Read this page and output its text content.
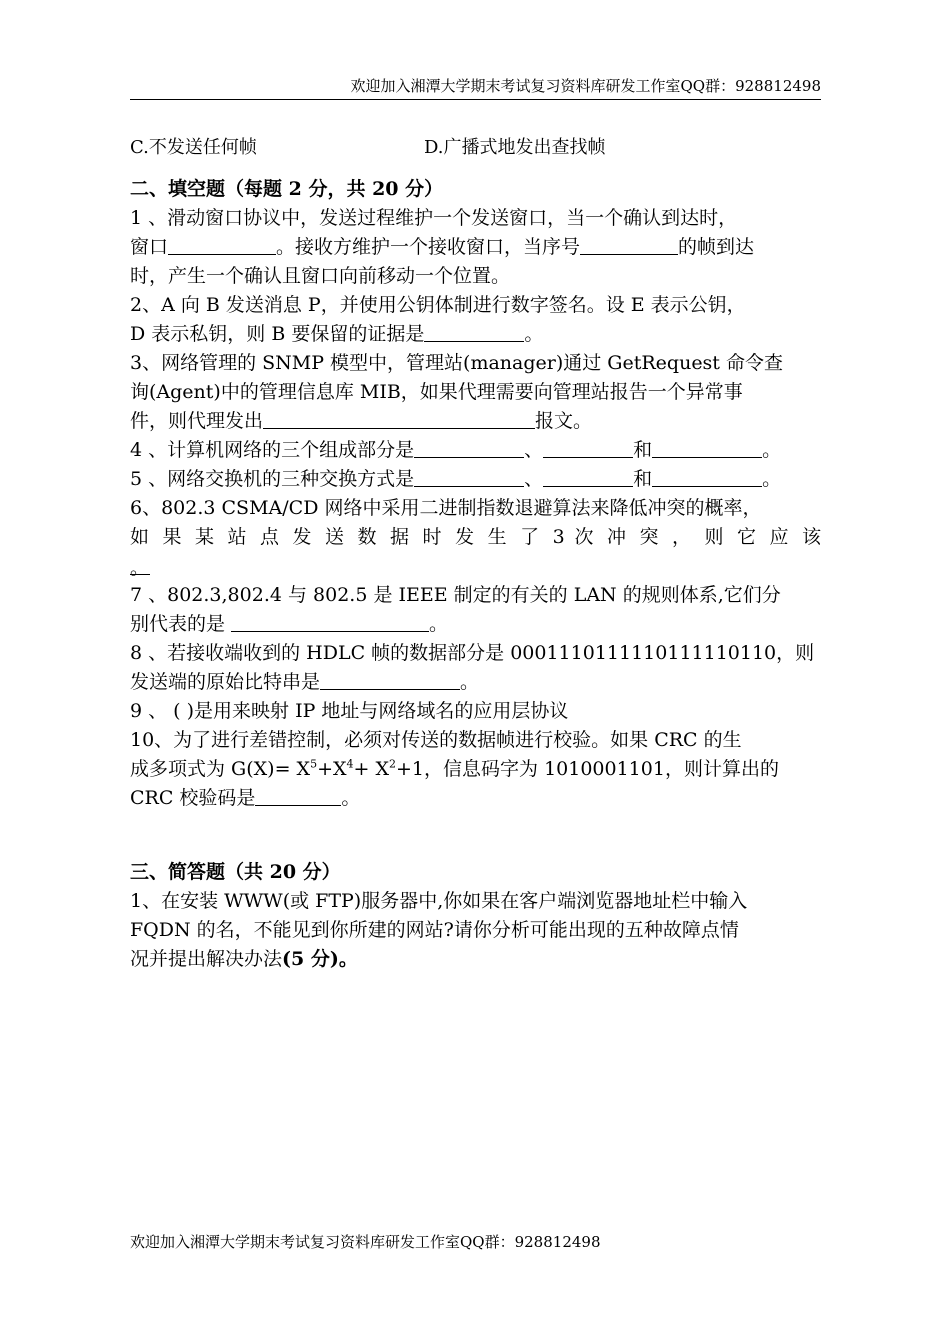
欢迎加入湘潭大学期末考试复习资料库研发工作室QQ群：928812498
C.不发送任何帧	D.广播式地发出查找帧
二、填空题（每题 2 分，共 20 分）
1 、滑动窗口协议中，发送过程维护一个发送窗口，当一个确认到达时，
窗口	。接收方维护一个接收窗口，当序号	的帧到达
时，产生一个确认且窗口向前移动一个位置。
2、A 向 B 发送消息 P，并使用公钥体制进行数字签名。设 E 表示公钥，
D 表示私钥，则 B 要保留的证据是	。
3、网络管理的 SNMP 模型中，管理站(manager)通过 GetRequest 命令查
询(Agent)中的管理信息库 MIB，如果代理需要向管理站报告一个异常事
件，则代理发出	报文。
4 、计算机网络的三个组成部分是	、	和	。
5 、网络交换机的三种交换方式是	、	和	。
6、802.3 CSMA/CD 网络中采用二进制指数退避算法来降低冲突的概率，
如 果 某 站 点 发 送 数 据 时 发 生 了 3 次 冲 突 ， 则 它 应 该
。
7 、802.3,802.4 与 802.5 是 IEEE 制定的有关的 LAN 的规则体系,它们分
别代表的是	。
8 、若接收端收到的 HDLC 帧的数据部分是 0001110111110111110110，则
发送端的原始比特串是	。
9 、 ( )是用来映射 IP 地址与网络域名的应用层协议
10、为了进行差错控制，必须对传送的数据帧进行校验。如果 CRC 的生
成多项式为 $G(X)= X^5+X^4+ X^2+1$，信息码字为 1010001101，则计算出的
CRC 校验码是	。
三、简答题（共 20 分）
1、在安装 WWW(或 FTP)服务器中,你如果在客户端浏览器地址栏中输入
FQDN 的名，不能见到你所建的网站?请你分析可能出现的五种故障点情
况并提出解决办法(5 分)。
欢迎加入湘潭大学期末考试复习资料库研发工作室QQ群：928812498
